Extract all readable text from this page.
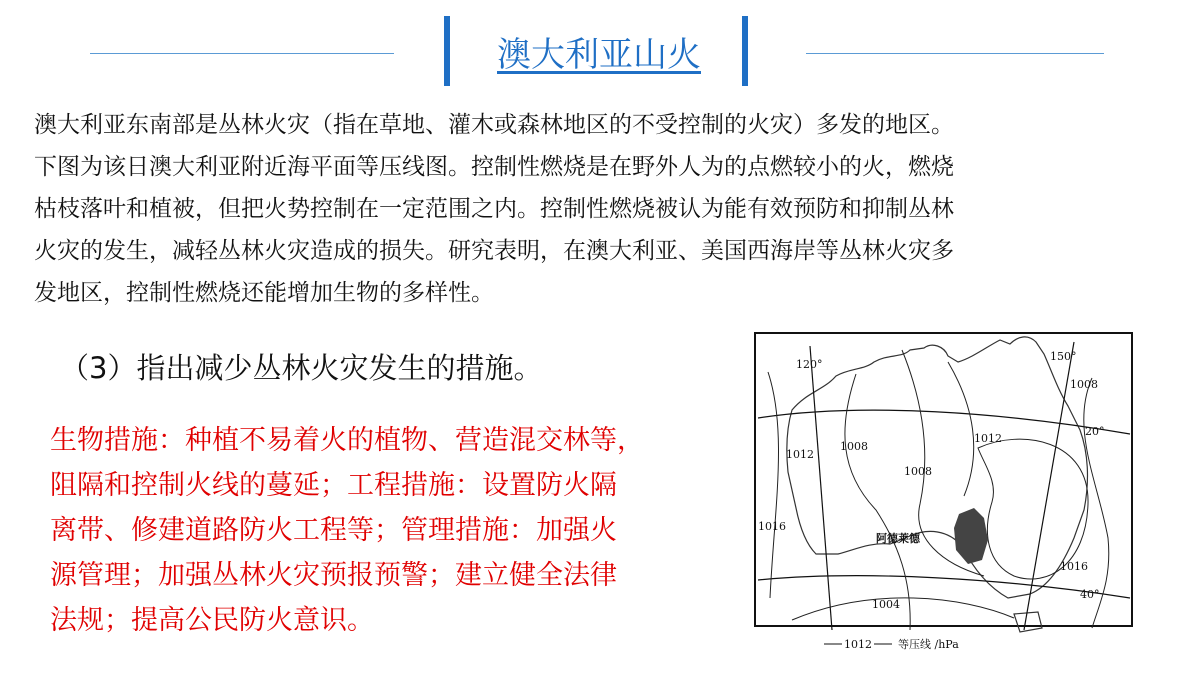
澳大利亚山火
澳大利亚东南部是丛林火灾（指在草地、灌木或森林地区的不受控制的火灾）多发的地区。
下图为该日澳大利亚附近海平面等压线图。控制性燃烧是在野外人为的点燃较小的火，燃烧
枯枝落叶和植被，但把火势控制在一定范围之内。控制性燃烧被认为能有效预防和抑制丛林
火灾的发生，减轻丛林火灾造成的损失。研究表明，在澳大利亚、美国西海岸等丛林火灾多
发地区，控制性燃烧还能增加生物的多样性。
（3）指出减少丛林火灾发生的措施。
生物措施：种植不易着火的植物、营造混交林等，
阻隔和控制火线的蔓延；工程措施：设置防火隔
离带、修建道路防火工程等；管理措施：加强火
源管理；加强丛林火灾预报预警；建立健全法律
法规；提高公民防火意识。
120°
150°
20°
40°
1008
1012
1008
1008
1012
1016
1016
1004
阿德莱德
1012 等压线 /hPa
